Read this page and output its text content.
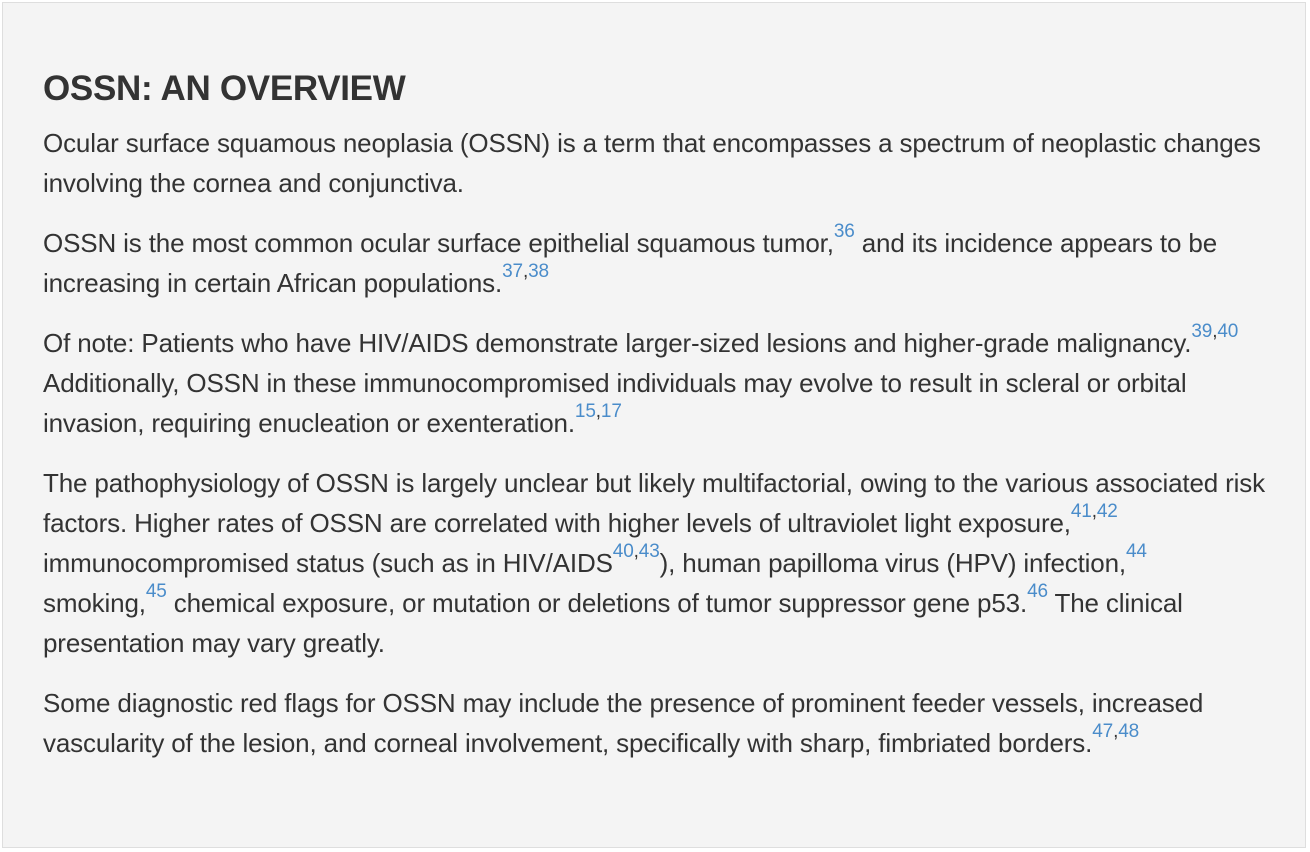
OSSN: AN OVERVIEW

Ocular surface squamous neoplasia (OSSN) is a term that encompasses a spectrum of neoplastic changes involving the cornea and conjunctiva.

OSSN is the most common ocular surface epithelial squamous tumor,$^{36}$ and its incidence appears to be increasing in certain African populations.$^{37,38}$

Of note: Patients who have HIV/AIDS demonstrate larger-sized lesions and higher-grade malignancy.$^{39,40}$ Additionally, OSSN in these immunocompromised individuals may evolve to result in scleral or orbital invasion, requiring enucleation or exenteration.$^{15,17}$

The pathophysiology of OSSN is largely unclear but likely multifactorial, owing to the various associated risk factors. Higher rates of OSSN are correlated with higher levels of ultraviolet light exposure,$^{41,42}$ immunocompromised status (such as in HIV/AIDS$^{40,43}$), human papilloma virus (HPV) infection,$^{44}$ smoking,$^{45}$ chemical exposure, or mutation or deletions of tumor suppressor gene p53.46 The clinical presentation may vary greatly.

Some diagnostic red flags for OSSN may include the presence of prominent feeder vessels, increased vascularity of the lesion, and corneal involvement, specifically with sharp, fimbriated borders.$^{47,48}$
